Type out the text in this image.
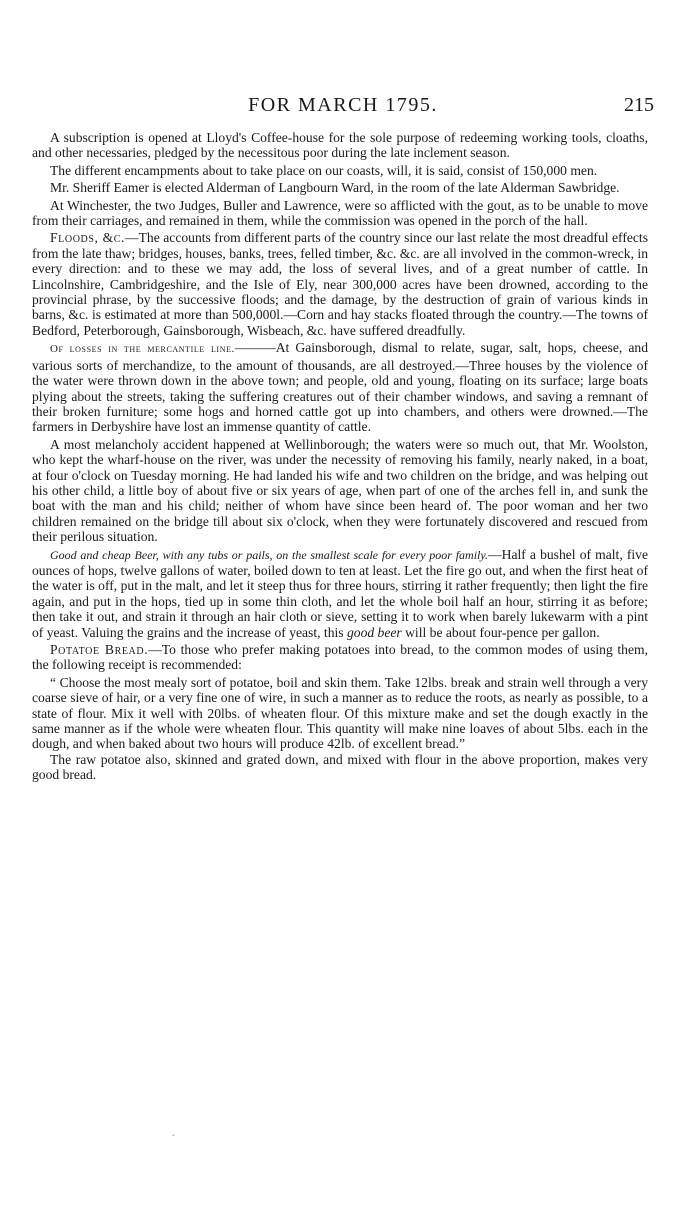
FOR MARCH 1795.	215

A subscription is opened at Lloyd's Coffee-house for the sole purpose of redeeming working tools, cloaths, and other necessaries, pledged by the necessitous poor during the late inclement season.

The different encampments about to take place on our coasts, will, it is said, consist of 150,000 men.

Mr. Sheriff Eamer is elected Alderman of Langbourn Ward, in the room of the late Alderman Sawbridge.

At Winchester, the two Judges, Buller and Lawrence, were so afflicted with the gout, as to be unable to move from their carriages, and remained in them, while the commission was opened in the porch of the hall.

Floods, &c.—The accounts from different parts of the country since our last relate the most dreadful effects from the late thaw; bridges, houses, banks, trees, felled timber, &c. &c. are all involved in the common-wreck, in every direction: and to these we may add, the loss of several lives, and of a great number of cattle. In Lincolnshire, Cambridgeshire, and the Isle of Ely, near 300,000 acres have been drowned, according to the provincial phrase, by the successive floods; and the damage, by the destruction of grain of various kinds in barns, &c. is estimated at more than 500,000l.—Corn and hay stacks floated through the country.—The towns of Bedford, Peterborough, Gainsborough, Wisbeach, &c. have suffered dreadfully.

Of losses in the mercantile line.———At Gainsborough, dismal to relate, sugar, salt, hops, cheese, and various sorts of merchandize, to the amount of thousands, are all destroyed.—Three houses by the violence of the water were thrown down in the above town; and people, old and young, floating on its surface; large boats plying about the streets, taking the suffering creatures out of their chamber windows, and saving a remnant of their broken furniture; some hogs and horned cattle got up into chambers, and others were drowned.—The farmers in Derbyshire have lost an immense quantity of cattle.

A most melancholy accident happened at Wellinborough; the waters were so much out, that Mr. Woolston, who kept the wharf-house on the river, was under the necessity of removing his family, nearly naked, in a boat, at four o'clock on Tuesday morning. He had landed his wife and two children on the bridge, and was helping out his other child, a little boy of about five or six years of age, when part of one of the arches fell in, and sunk the boat with the man and his child; neither of whom have since been heard of. The poor woman and her two children remained on the bridge till about six o'clock, when they were fortunately discovered and rescued from their perilous situation.

Good and cheap Beer, with any tubs or pails, on the smallest scale for every poor family.—Half a bushel of malt, five ounces of hops, twelve gallons of water, boiled down to ten at least. Let the fire go out, and when the first heat of the water is off, put in the malt, and let it steep thus for three hours, stirring it rather frequently; then light the fire again, and put in the hops, tied up in some thin cloth, and let the whole boil half an hour, stirring it as before; then take it out, and strain it through an hair cloth or sieve, setting it to work when barely lukewarm with a pint of yeast. Valuing the grains and the increase of yeast, this good beer will be about four-pence per gallon.

Potatoe Bread.—To those who prefer making potatoes into bread, to the common modes of using them, the following receipt is recommended:

“ Choose the most mealy sort of potatoe, boil and skin them. Take 12lbs. break and strain well through a very coarse sieve of hair, or a very fine one of wire, in such a manner as to reduce the roots, as nearly as possible, to a state of flour. Mix it well with 20lbs. of wheaten flour. Of this mixture make and set the dough exactly in the same manner as if the whole were wheaten flour. This quantity will make nine loaves of about 5lbs. each in the dough, and when baked about two hours will produce 42lb. of excellent bread.”

The raw potatoe also, skinned and grated down, and mixed with flour in the above proportion, makes very good bread.

‸
